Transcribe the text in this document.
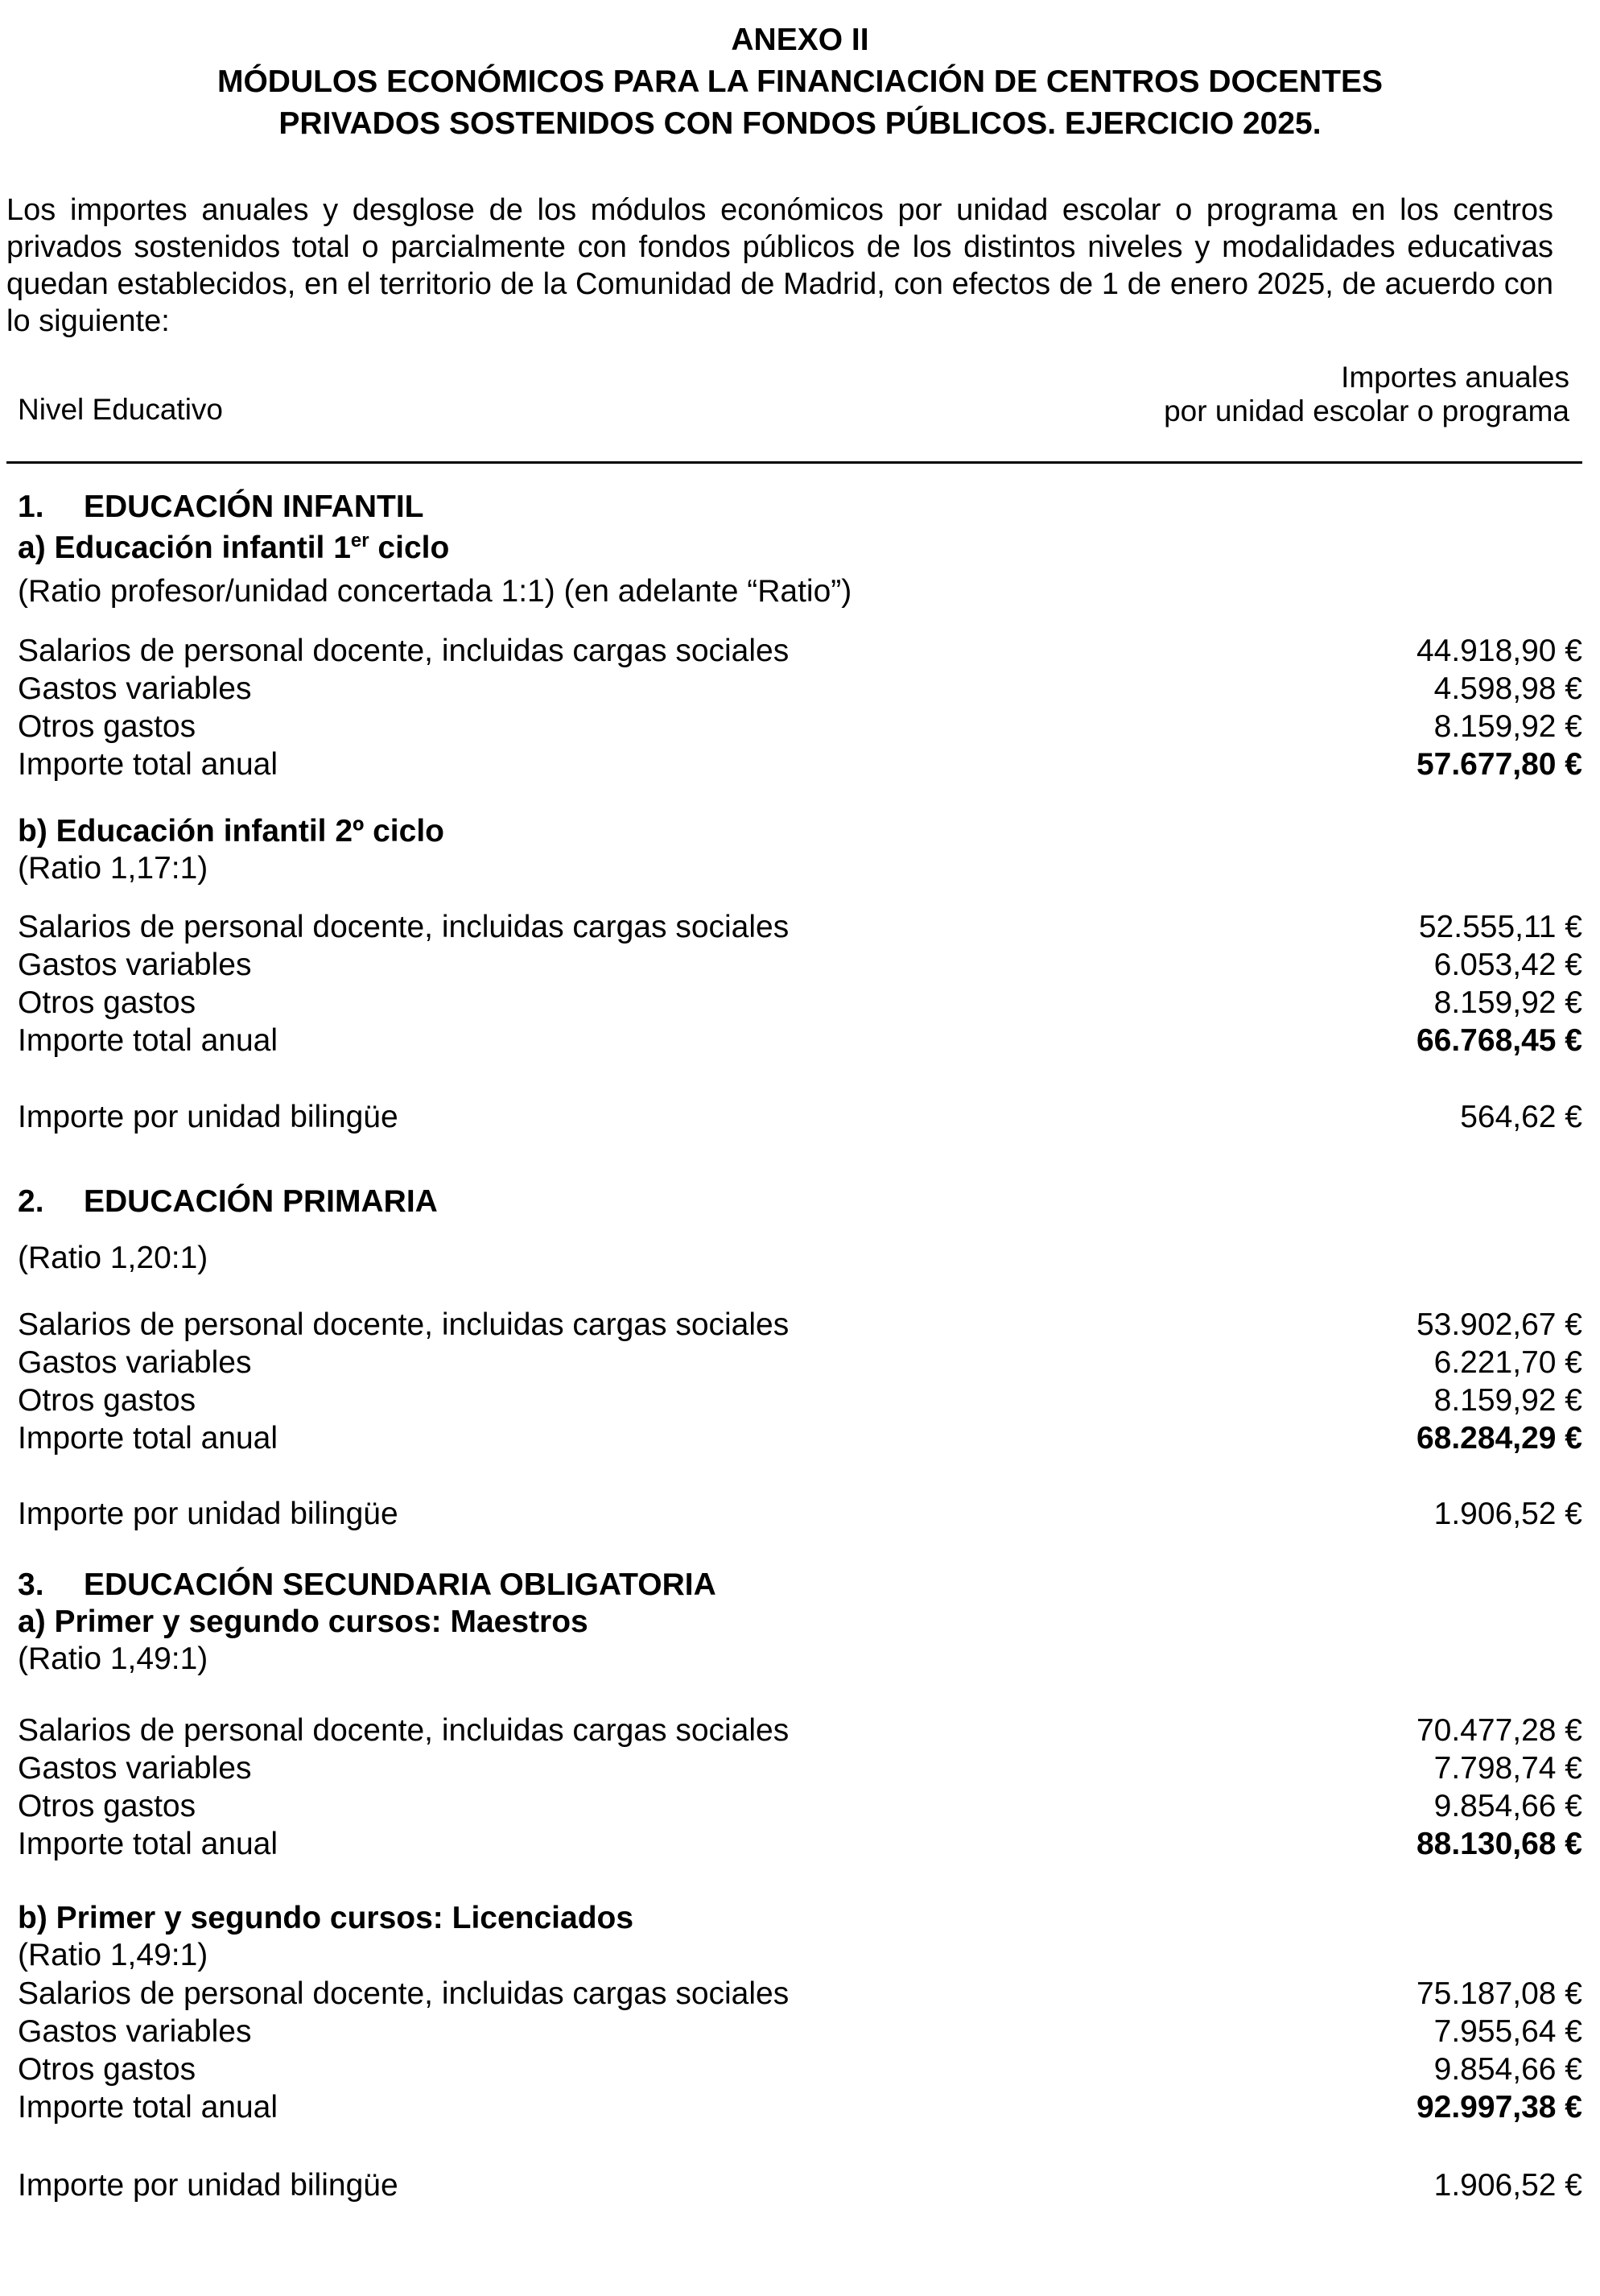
ANEXO II
MÓDULOS ECONÓMICOS PARA LA FINANCIACIÓN DE CENTROS DOCENTES
PRIVADOS SOSTENIDOS CON FONDOS PÚBLICOS. EJERCICIO 2025.
Los importes anuales y desglose de los módulos económicos por unidad escolar o programa en los centros privados sostenidos total o parcialmente con fondos públicos de los distintos niveles y modalidades educativas quedan establecidos, en el territorio de la Comunidad de Madrid, con efectos de 1 de enero 2025, de acuerdo con lo siguiente:
Nivel Educativo
Importes anuales
por unidad escolar o programa
1. EDUCACIÓN INFANTIL
a) Educación infantil 1er ciclo
(Ratio profesor/unidad concertada 1:1) (en adelante “Ratio”)
Salarios de personal docente, incluidas cargas sociales	44.918,90 €
Gastos variables	4.598,98 €
Otros gastos	8.159,92 €
Importe total anual	57.677,80 €
b) Educación infantil 2º ciclo
(Ratio 1,17:1)
Salarios de personal docente, incluidas cargas sociales	52.555,11 €
Gastos variables	6.053,42 €
Otros gastos	8.159,92 €
Importe total anual	66.768,45 €
Importe por unidad bilingüe	564,62 €
2. EDUCACIÓN PRIMARIA
(Ratio 1,20:1)
Salarios de personal docente, incluidas cargas sociales	53.902,67 €
Gastos variables	6.221,70 €
Otros gastos	8.159,92 €
Importe total anual	68.284,29 €
Importe por unidad bilingüe	1.906,52 €
3. EDUCACIÓN SECUNDARIA OBLIGATORIA
a) Primer y segundo cursos: Maestros
(Ratio 1,49:1)
Salarios de personal docente, incluidas cargas sociales	70.477,28 €
Gastos variables	7.798,74 €
Otros gastos	9.854,66 €
Importe total anual	88.130,68 €
b) Primer y segundo cursos: Licenciados
(Ratio 1,49:1)
Salarios de personal docente, incluidas cargas sociales	75.187,08 €
Gastos variables	7.955,64 €
Otros gastos	9.854,66 €
Importe total anual	92.997,38 €
Importe por unidad bilingüe	1.906,52 €
